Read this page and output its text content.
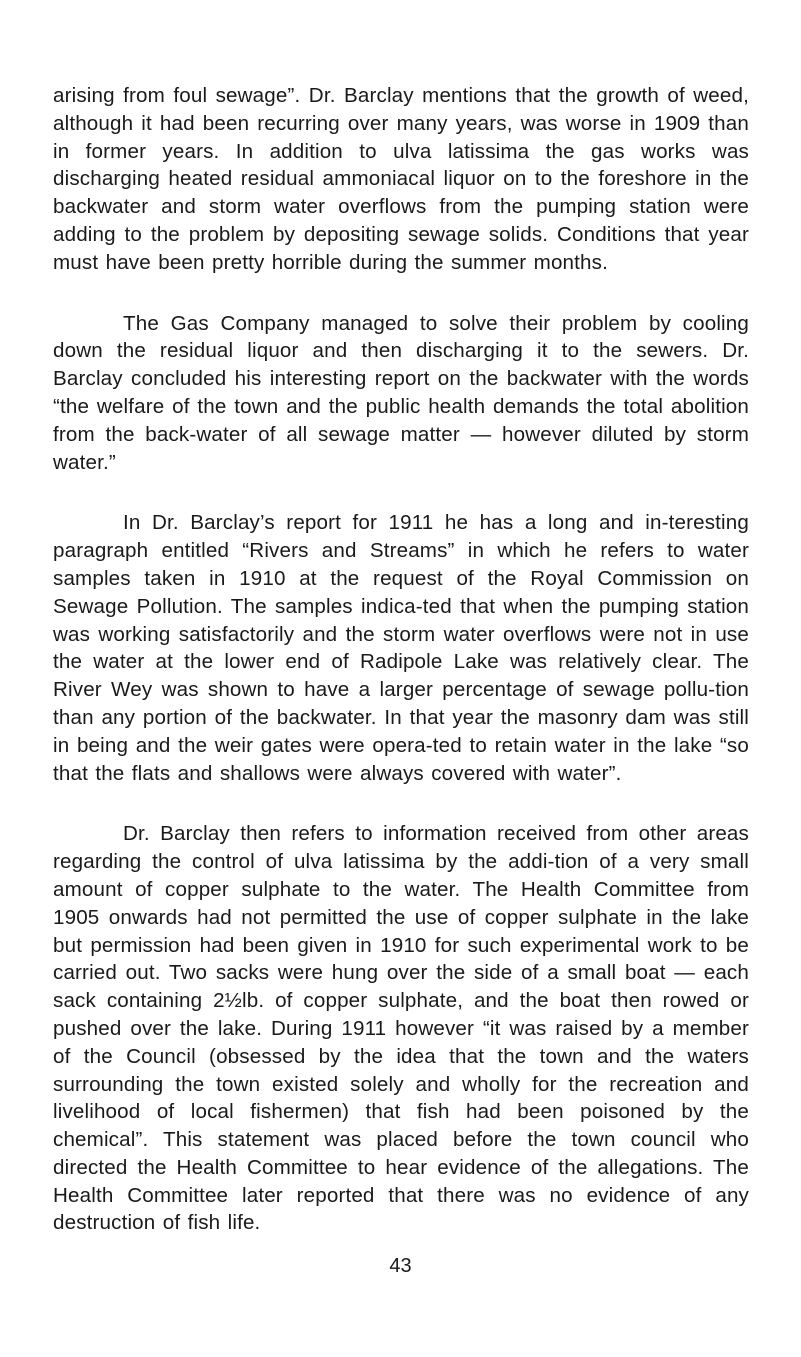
arising from foul sewage”. Dr. Barclay mentions that the growth of weed, although it had been recurring over many years, was worse in 1909 than in former years. In addition to ulva latissima the gas works was discharging heated residual ammoniacal liquor on to the foreshore in the backwater and storm water overflows from the pumping station were adding to the problem by depositing sewage solids. Conditions that year must have been pretty horrible during the summer months.

The Gas Company managed to solve their problem by cooling down the residual liquor and then discharging it to the sewers. Dr. Barclay concluded his interesting report on the backwater with the words “the welfare of the town and the public health demands the total abolition from the back-water of all sewage matter — however diluted by storm water.”

In Dr. Barclay’s report for 1911 he has a long and in-teresting paragraph entitled “Rivers and Streams” in which he refers to water samples taken in 1910 at the request of the Royal Commission on Sewage Pollution. The samples indica-ted that when the pumping station was working satisfactorily and the storm water overflows were not in use the water at the lower end of Radipole Lake was relatively clear. The River Wey was shown to have a larger percentage of sewage pollu-tion than any portion of the backwater. In that year the masonry dam was still in being and the weir gates were opera-ted to retain water in the lake “so that the flats and shallows were always covered with water”.

Dr. Barclay then refers to information received from other areas regarding the control of ulva latissima by the addi-tion of a very small amount of copper sulphate to the water. The Health Committee from 1905 onwards had not permitted the use of copper sulphate in the lake but permission had been given in 1910 for such experimental work to be carried out. Two sacks were hung over the side of a small boat — each sack containing 2½lb. of copper sulphate, and the boat then rowed or pushed over the lake. During 1911 however “it was raised by a member of the Council (obsessed by the idea that the town and the waters surrounding the town existed solely and wholly for the recreation and livelihood of local fishermen) that fish had been poisoned by the chemical”. This statement was placed before the town council who directed the Health Committee to hear evidence of the allegations. The Health Committee later reported that there was no evidence of any destruction of fish life.

43
